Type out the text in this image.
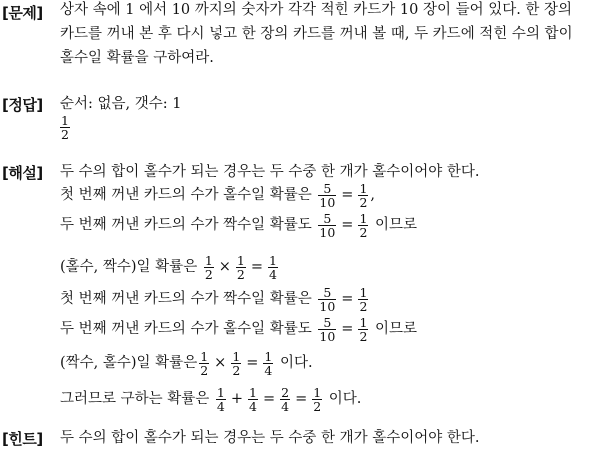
[문제] 상자 속에 1 에서 10 까지의 숫자가 각각 적힌 카드가 10 장이 들어 있다. 한 장의
카드를 꺼내 본 후 다시 넣고 한 장의 카드를 꺼내 볼 때, 두 카드에 적힌 수의 합이
홀수일 확률을 구하여라.
[정답] 순서: 없음, 갯수: 1
$\frac{1}{2}$
[해설] 두 수의 합이 홀수가 되는 경우는 두 수중 한 개가 홀수이어야 한다.
첫 번째 꺼낸 카드의 수가 홀수일 확률은 $\frac{5}{10} = \frac{1}{2}$ ,
두 번째 꺼낸 카드의 수가 짝수일 확률도 $\frac{5}{10} = \frac{1}{2}$ 이므로
(홀수, 짝수)일 확률은 $\frac{1}{2} \times \frac{1}{2} = \frac{1}{4}$
첫 번째 꺼낸 카드의 수가 짝수일 확률은 $\frac{5}{10} = \frac{1}{2}$
두 번째 꺼낸 카드의 수가 홀수일 확률도 $\frac{5}{10} = \frac{1}{2}$ 이므로
(짝수, 홀수)일 확률은 $\frac{1}{2} \times \frac{1}{2} = \frac{1}{4}$ 이다.
그러므로 구하는 확률은 $\frac{1}{4} + \frac{1}{4} = \frac{2}{4} = \frac{1}{2}$ 이다.
[힌트] 두 수의 합이 홀수가 되는 경우는 두 수중 한 개가 홀수이어야 한다.
